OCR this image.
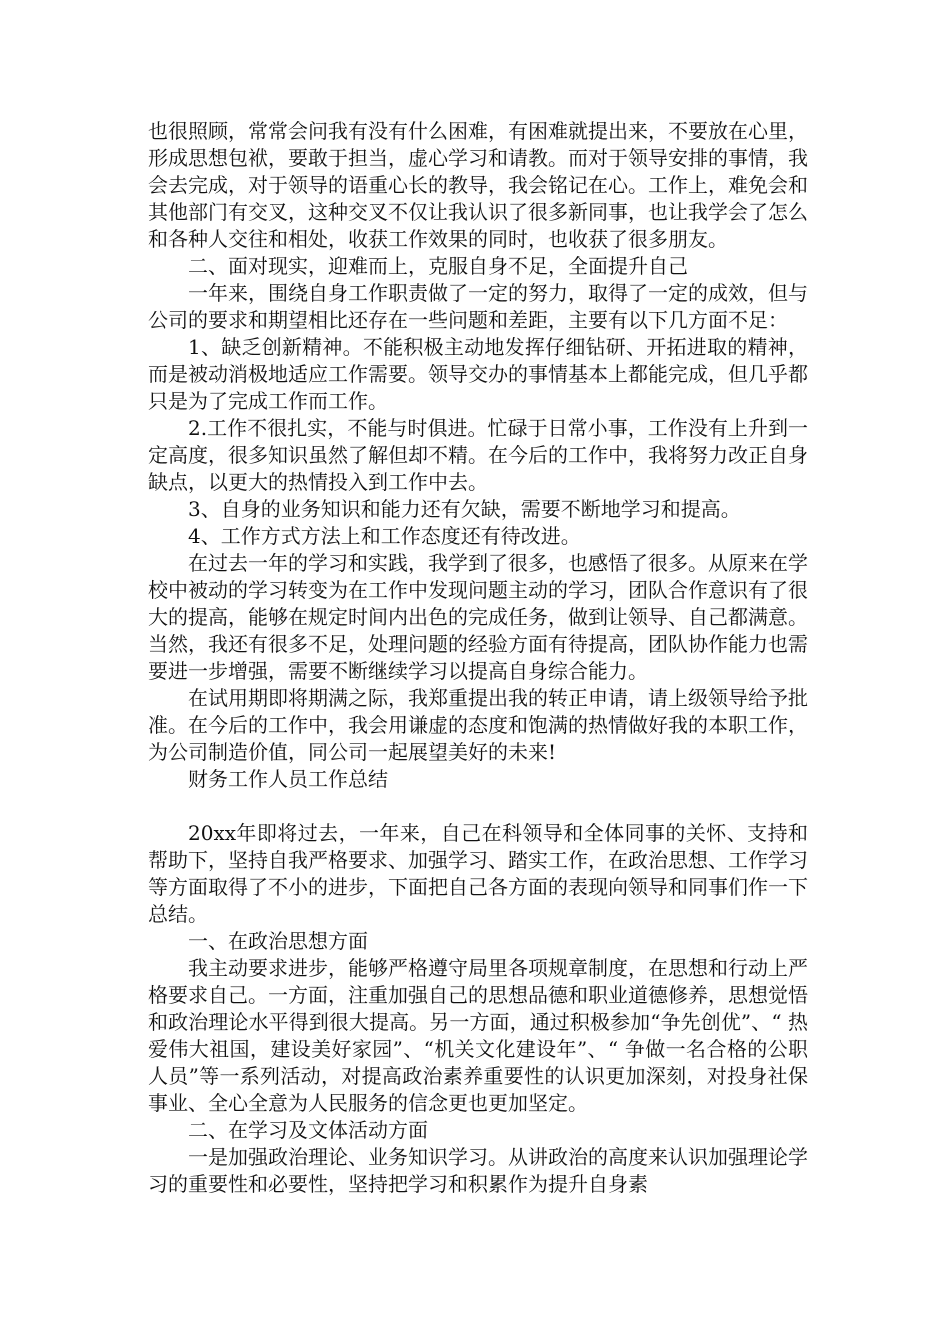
也很照顾，常常会问我有没有什么困难，有困难就提出来，不要放在心里，形成思想包袱，要敢于担当，虚心学习和请教。而对于领导安排的事情，我会去完成，对于领导的语重心长的教导，我会铭记在心。工作上，难免会和其他部门有交叉，这种交叉不仅让我认识了很多新同事，也让我学会了怎么和各种人交往和相处，收获工作效果的同时，也收获了很多朋友。

二、面对现实，迎难而上，克服自身不足，全面提升自己

一年来，围绕自身工作职责做了一定的努力，取得了一定的成效，但与公司的要求和期望相比还存在一些问题和差距，主要有以下几方面不足：

1、缺乏创新精神。不能积极主动地发挥仔细钻研、开拓进取的精神，而是被动消极地适应工作需要。领导交办的事情基本上都能完成，但几乎都只是为了完成工作而工作。

2.工作不很扎实，不能与时俱进。忙碌于日常小事，工作没有上升到一定高度，很多知识虽然了解但却不精。在今后的工作中，我将努力改正自身缺点，以更大的热情投入到工作中去。

3、自身的业务知识和能力还有欠缺，需要不断地学习和提高。

4、工作方式方法上和工作态度还有待改进。

在过去一年的学习和实践，我学到了很多，也感悟了很多。从原来在学校中被动的学习转变为在工作中发现问题主动的学习，团队合作意识有了很大的提高，能够在规定时间内出色的完成任务，做到让领导、自己都满意。当然，我还有很多不足，处理问题的经验方面有待提高，团队协作能力也需要进一步增强，需要不断继续学习以提高自身综合能力。

在试用期即将期满之际，我郑重提出我的转正申请，请上级领导给予批准。在今后的工作中，我会用谦虚的态度和饱满的热情做好我的本职工作，为公司制造价值，同公司一起展望美好的未来!

财务工作人员工作总结

20xx年即将过去，一年来，自己在科领导和全体同事的关怀、支持和帮助下，坚持自我严格要求、加强学习、踏实工作，在政治思想、工作学习等方面取得了不小的进步，下面把自己各方面的表现向领导和同事们作一下总结。

一、在政治思想方面

我主动要求进步，能够严格遵守局里各项规章制度，在思想和行动上严格要求自己。一方面，注重加强自己的思想品德和职业道德修养，思想觉悟和政治理论水平得到很大提高。另一方面，通过积极参加“争先创优”、“ 热爱伟大祖国，建设美好家园”、“机关文化建设年”、“ 争做一名合格的公职人员”等一系列活动，对提高政治素养重要性的认识更加深刻，对投身社保事业、全心全意为人民服务的信念更也更加坚定。

二、在学习及文体活动方面

一是加强政治理论、业务知识学习。从讲政治的高度来认识加强理论学习的重要性和必要性，坚持把学习和积累作为提升自身素
